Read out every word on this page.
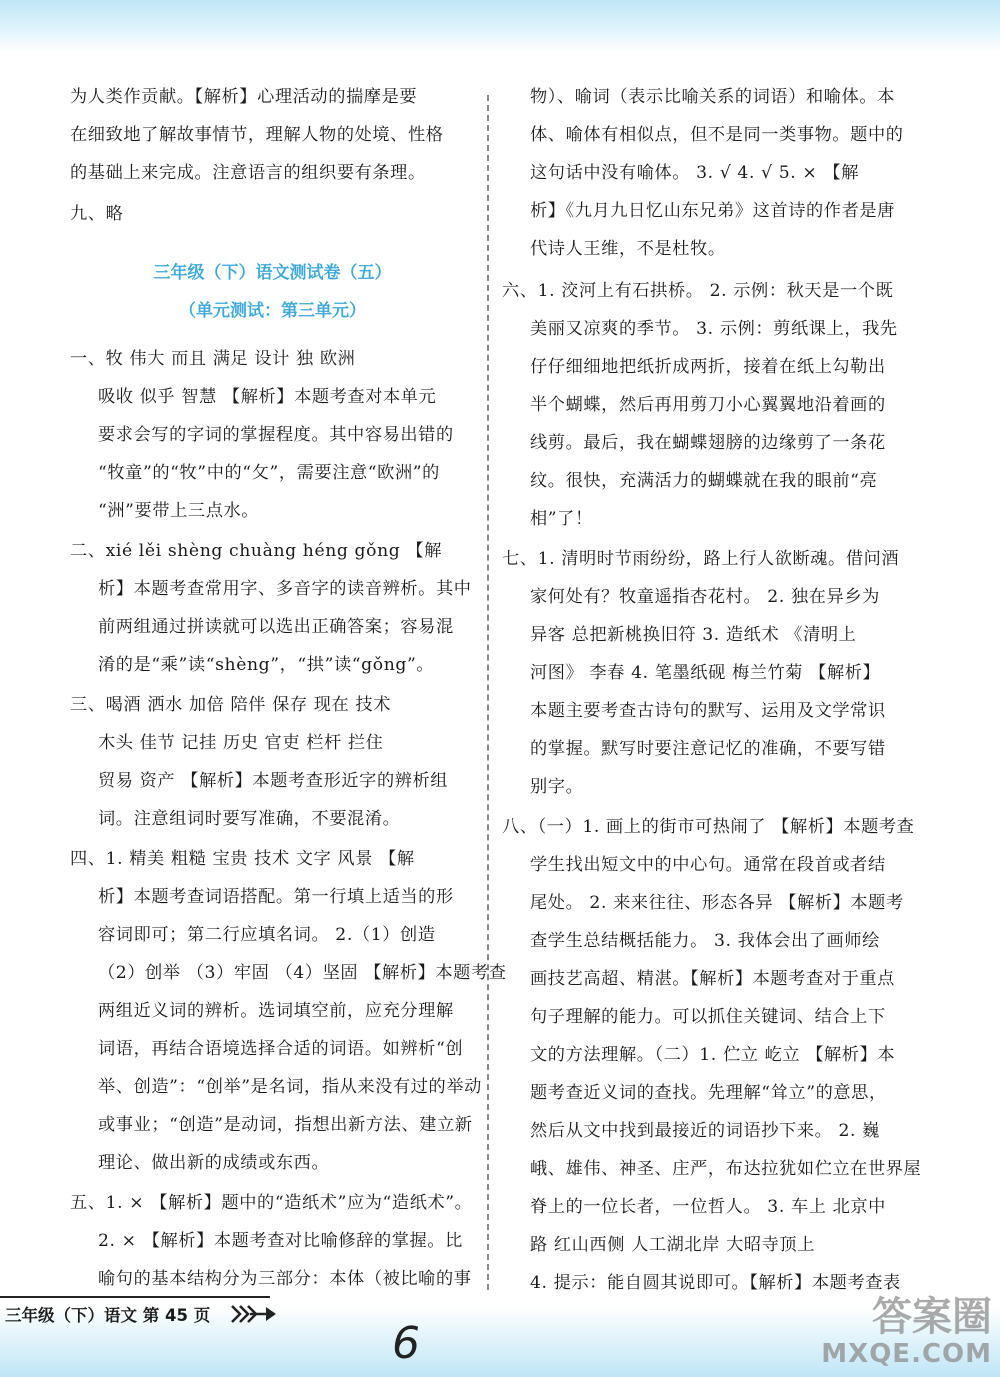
为人类作贡献。【解析】心理活动的揣摩是要
在细致地了解故事情节，理解人物的处境、性格
的基础上来完成。注意语言的组织要有条理。
九、略
三年级（下）语文测试卷（五）
（单元测试：第三单元）
一、牧 伟大 而且 满足 设计 独 欧洲
吸收 似乎 智慧 【解析】本题考查对本单元
要求会写的字词的掌握程度。其中容易出错的
“牧童”的“牧”中的“攵”，需要注意“欧洲”的
“洲”要带上三点水。
二、xié lěi shèng chuàng héng gǒng 【解
析】本题考查常用字、多音字的读音辨析。其中
前两组通过拼读就可以选出正确答案；容易混
淆的是“乘”读“shèng”，“拱”读“gǒng”。
三、喝酒 洒水 加倍 陪伴 保存 现在 技术
木头 佳节 记挂 历史 官吏 栏杆 拦住
贸易 资产 【解析】本题考查形近字的辨析组
词。注意组词时要写准确，不要混淆。
四、1. 精美 粗糙 宝贵 技术 文字 风景 【解
析】本题考查词语搭配。第一行填上适当的形
容词即可；第二行应填名词。 2.（1）创造
（2）创举 （3）牢固 （4）坚固 【解析】本题考查
两组近义词的辨析。选词填空前，应充分理解
词语，再结合语境选择合适的词语。如辨析“创
举、创造”：“创举”是名词，指从来没有过的举动
或事业；“创造”是动词，指想出新方法、建立新
理论、做出新的成绩或东西。
五、1. × 【解析】题中的“造纸术”应为“造纸术”。
2. × 【解析】本题考查对比喻修辞的掌握。比
喻句的基本结构分为三部分：本体（被比喻的事
物）、喻词（表示比喻关系的词语）和喻体。本
体、喻体有相似点，但不是同一类事物。题中的
这句话中没有喻体。 3. √ 4. √ 5. × 【解
析】《九月九日忆山东兄弟》这首诗的作者是唐
代诗人王维，不是杜牧。
六、1. 洨河上有石拱桥。 2. 示例：秋天是一个既
美丽又凉爽的季节。 3. 示例：剪纸课上，我先
仔仔细细地把纸折成两折，接着在纸上勾勒出
半个蝴蝶，然后再用剪刀小心翼翼地沿着画的
线剪。最后，我在蝴蝶翅膀的边缘剪了一条花
纹。很快，充满活力的蝴蝶就在我的眼前“亮
相”了！
七、1. 清明时节雨纷纷，路上行人欲断魂。借问酒
家何处有？牧童遥指杏花村。 2. 独在异乡为
异客 总把新桃换旧符 3. 造纸术 《清明上
河图》 李春 4. 笔墨纸砚 梅兰竹菊 【解析】
本题主要考查古诗句的默写、运用及文学常识
的掌握。默写时要注意记忆的准确，不要写错
别字。
八、（一）1. 画上的街市可热闹了 【解析】本题考查
学生找出短文中的中心句。通常在段首或者结
尾处。 2. 来来往往、形态各异 【解析】本题考
查学生总结概括能力。 3. 我体会出了画师绘
画技艺高超、精湛。【解析】本题考查对于重点
句子理解的能力。可以抓住关键词、结合上下
文的方法理解。（二）1. 伫立 屹立 【解析】本
题考查近义词的查找。先理解“耸立”的意思，
然后从文中找到最接近的词语抄下来。 2. 巍
峨、雄伟、神圣、庄严，布达拉犹如伫立在世界屋
脊上的一位长者，一位哲人。 3. 车上 北京中
路 红山西侧 人工湖北岸 大昭寺顶上
4. 提示：能自圆其说即可。【解析】本题考查表
三年级（下）语文 第 45 页
6
答案圈
MXQE.COM
